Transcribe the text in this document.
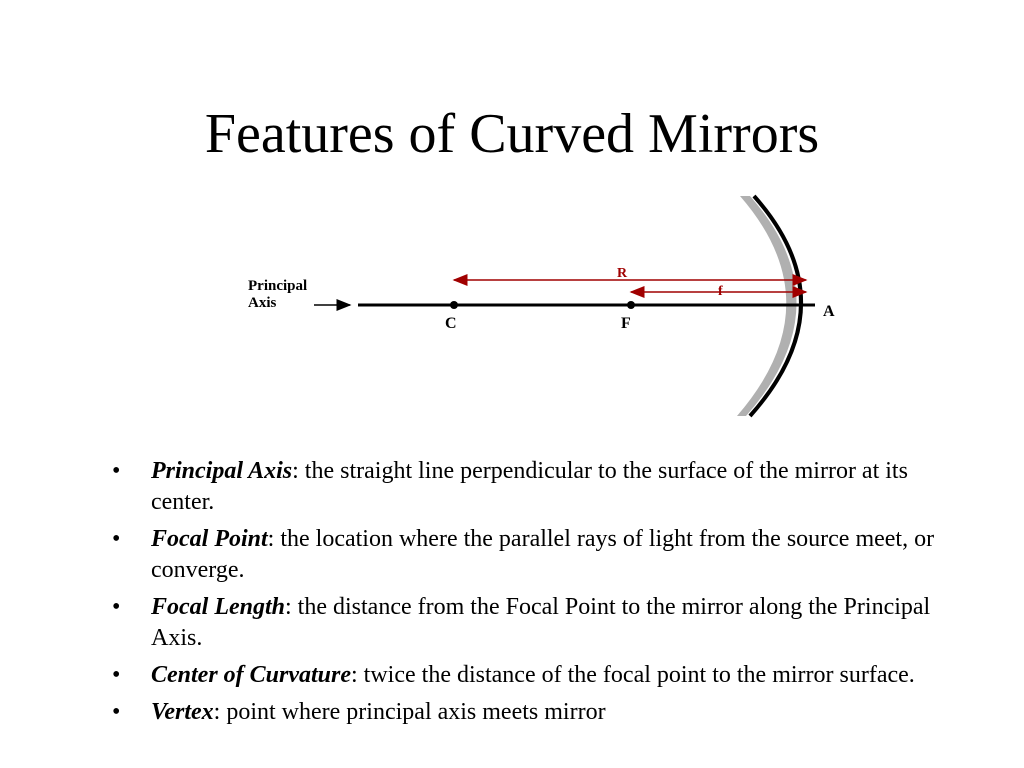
Features of Curved Mirrors
Principal
Axis
C	F
A
R
f
• Principal Axis: the straight line perpendicular to the surface of the mirror at its center.
• Focal Point: the location where the parallel rays of light from the source meet, or converge.
• Focal Length: the distance from the Focal Point to the mirror along the Principal Axis.
• Center of Curvature: twice the distance of the focal point to the mirror surface.
• Vertex: point where principal axis meets mirror
